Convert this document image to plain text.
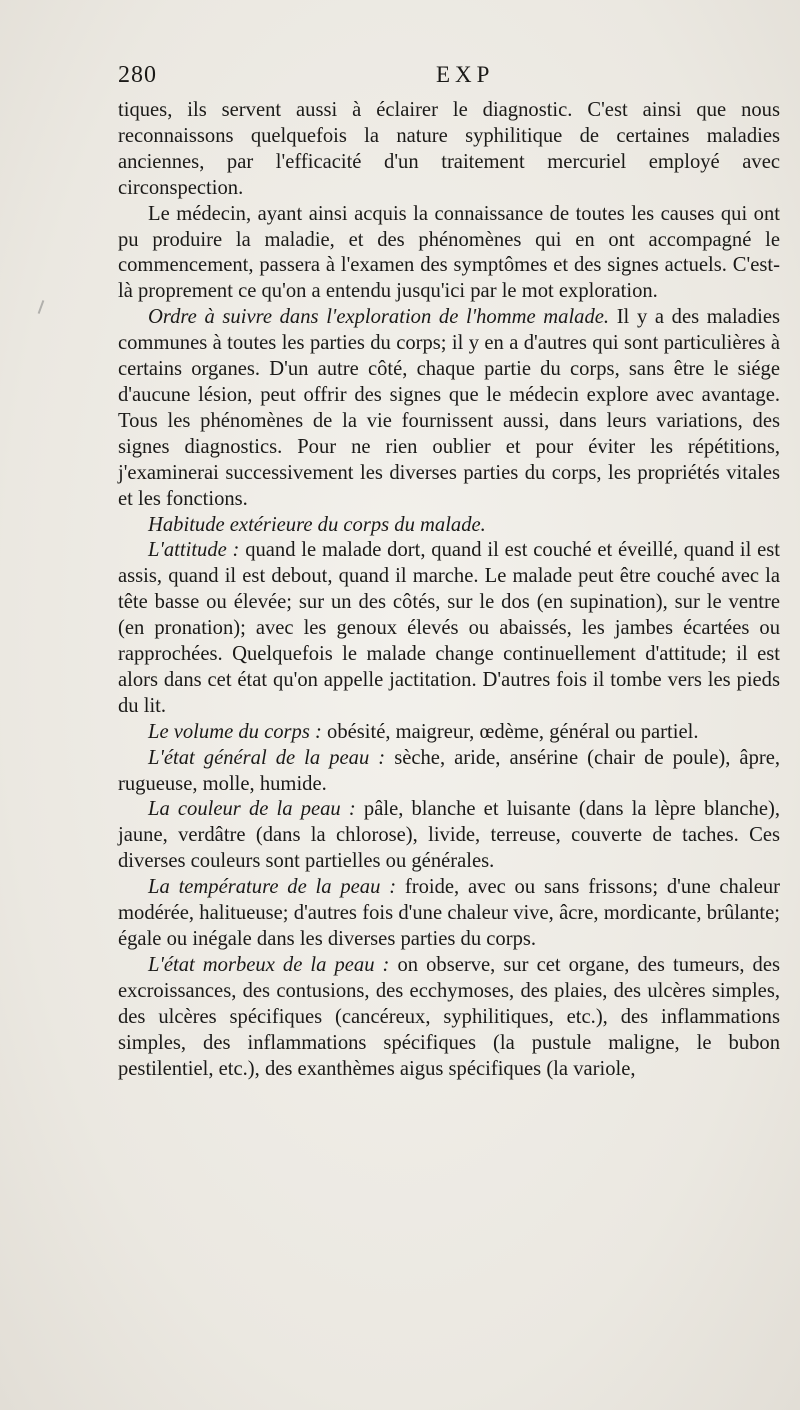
280	EXP

tiques, ils servent aussi à éclairer le diagnostic. C'est ainsi que nous reconnaissons quelquefois la nature syphilitique de certaines maladies anciennes, par l'efficacité d'un traitement mercuriel employé avec circonspection.

Le médecin, ayant ainsi acquis la connaissance de toutes les causes qui ont pu produire la maladie, et des phénomènes qui en ont accompagné le commencement, passera à l'examen des symptômes et des signes actuels. C'est-là proprement ce qu'on a entendu jusqu'ici par le mot exploration.

Ordre à suivre dans l'exploration de l'homme malade. Il y a des maladies communes à toutes les parties du corps; il y en a d'autres qui sont particulières à certains organes. D'un autre côté, chaque partie du corps, sans être le siége d'aucune lésion, peut offrir des signes que le médecin explore avec avantage. Tous les phénomènes de la vie fournissent aussi, dans leurs variations, des signes diagnostics. Pour ne rien oublier et pour éviter les répétitions, j'examinerai successivement les diverses parties du corps, les propriétés vitales et les fonctions.

Habitude extérieure du corps du malade.

L'attitude : quand le malade dort, quand il est couché et éveillé, quand il est assis, quand il est debout, quand il marche. Le malade peut être couché avec la tête basse ou élevée; sur un des côtés, sur le dos (en supination), sur le ventre (en pronation); avec les genoux élevés ou abaissés, les jambes écartées ou rapprochées. Quelquefois le malade change continuellement d'attitude; il est alors dans cet état qu'on appelle jactitation. D'autres fois il tombe vers les pieds du lit.

Le volume du corps : obésité, maigreur, œdème, général ou partiel.

L'état général de la peau : sèche, aride, ansérine (chair de poule), âpre, rugueuse, molle, humide.

La couleur de la peau : pâle, blanche et luisante (dans la lèpre blanche), jaune, verdâtre (dans la chlorose), livide, terreuse, couverte de taches. Ces diverses couleurs sont partielles ou générales.

La température de la peau : froide, avec ou sans frissons; d'une chaleur modérée, halitueuse; d'autres fois d'une chaleur vive, âcre, mordicante, brûlante; égale ou inégale dans les diverses parties du corps.

L'état morbeux de la peau : on observe, sur cet organe, des tumeurs, des excroissances, des contusions, des ecchymoses, des plaies, des ulcères simples, des ulcères spécifiques (cancéreux, syphilitiques, etc.), des inflammations simples, des inflammations spécifiques (la pustule maligne, le bubon pestilentiel, etc.), des exanthèmes aigus spécifiques (la variole,
